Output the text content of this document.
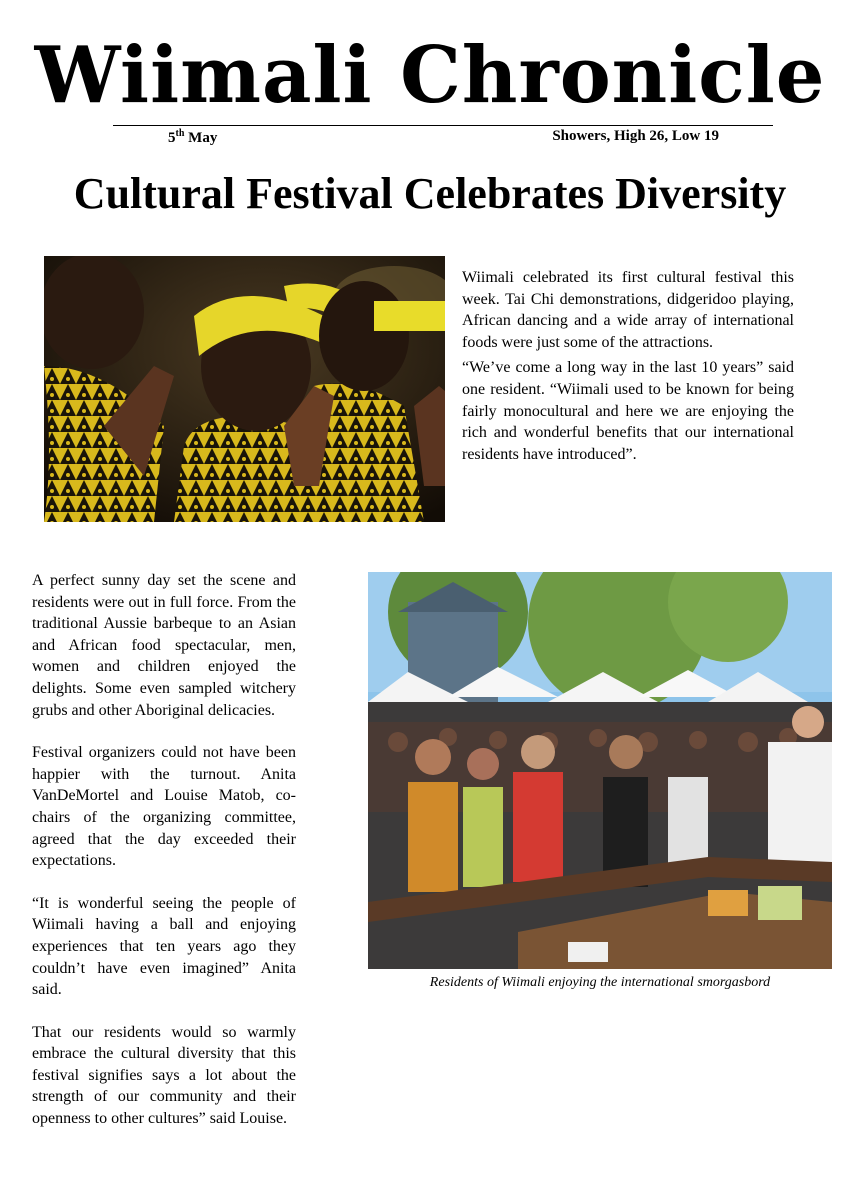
Wiimali Chronicle
5th May	Showers, High 26, Low 19
Cultural Festival Celebrates Diversity

Wiimali celebrated its first cultural festival this week. Tai Chi demonstrations, didgeridoo playing, African dancing and a wide array of international foods were just some of the attractions.

“We’ve come a long way in the last 10 years” said one resident. “Wiimali used to be known for being fairly monocultural and here we are enjoying the rich and wonderful benefits that our international residents have introduced”.

A perfect sunny day set the scene and residents were out in full force. From the traditional Aussie barbeque to an Asian and African food spectacular, men, women and children enjoyed the delights. Some even sampled witchery grubs and other Aboriginal delicacies.

Festival organizers could not have been happier with the turnout. Anita VanDeMortel and Louise Matob, co-chairs of the organizing committee, agreed that the day exceeded their expectations.

“It is wonderful seeing the people of Wiimali having a ball and enjoying experiences that ten years ago they couldn’t have even imagined” Anita said.

That our residents would so warmly embrace the cultural diversity that this festival signifies says a lot about the strength of our community and their openness to other cultures” said Louise.

Residents of Wiimali enjoying the international smorgasbord
